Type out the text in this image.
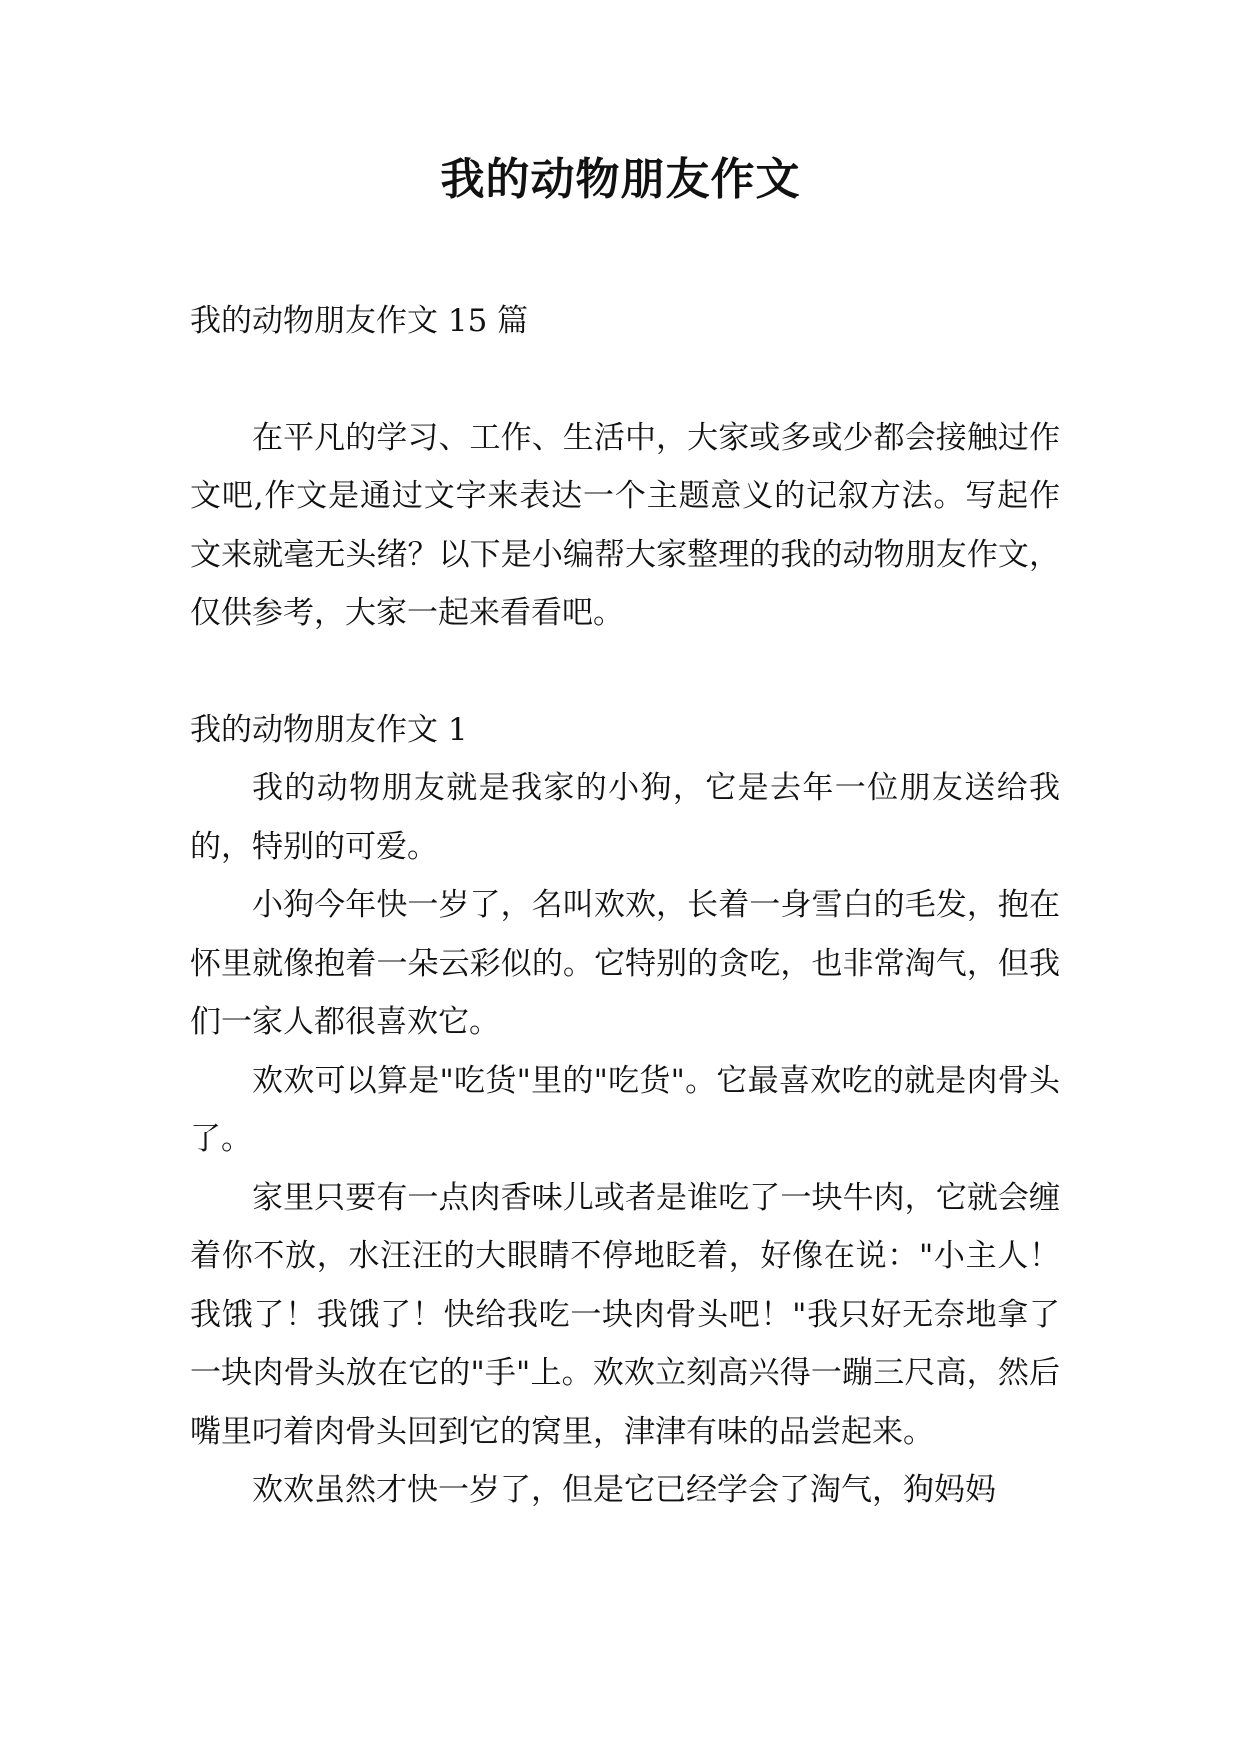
我的动物朋友作文

我的动物朋友作文 15 篇

在平凡的学习、工作、生活中，大家或多或少都会接触过作文吧,作文是通过文字来表达一个主题意义的记叙方法。写起作文来就毫无头绪？以下是小编帮大家整理的我的动物朋友作文，仅供参考，大家一起来看看吧。

我的动物朋友作文 1

我的动物朋友就是我家的小狗，它是去年一位朋友送给我的，特别的可爱。

小狗今年快一岁了，名叫欢欢，长着一身雪白的毛发，抱在怀里就像抱着一朵云彩似的。它特别的贪吃，也非常淘气，但我们一家人都很喜欢它。

欢欢可以算是"吃货"里的"吃货"。它最喜欢吃的就是肉骨头了。

家里只要有一点肉香味儿或者是谁吃了一块牛肉，它就会缠着你不放，水汪汪的大眼睛不停地眨着，好像在说："小主人！我饿了！我饿了！快给我吃一块肉骨头吧！"我只好无奈地拿了一块肉骨头放在它的"手"上。欢欢立刻高兴得一蹦三尺高，然后嘴里叼着肉骨头回到它的窝里，津津有味的品尝起来。

欢欢虽然才快一岁了，但是它已经学会了淘气，狗妈妈
